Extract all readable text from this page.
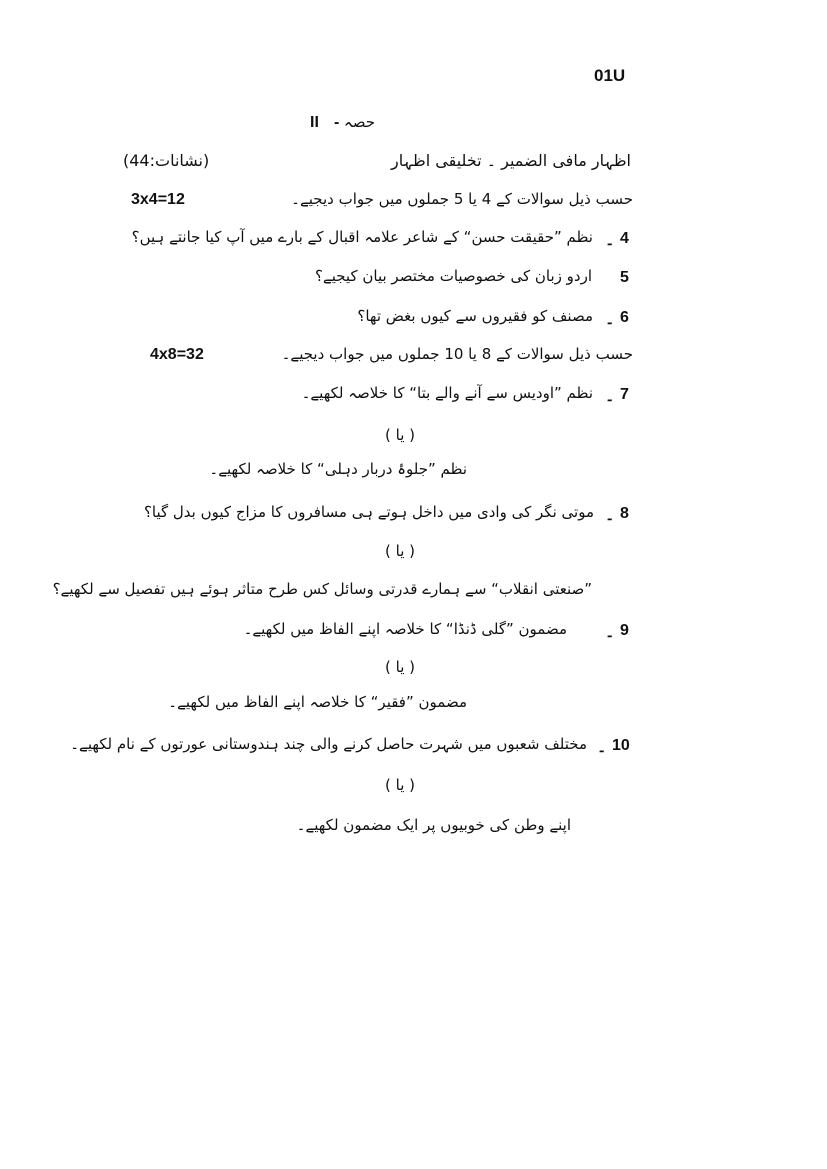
01U
II - حصہ
اظہار مافی الضمیر ۔ تخلیقی اظہار
(نشانات:44)
حسب ذیل سوالات کے 4 یا 5 جملوں میں جواب دیجیے۔
3x4=12
4
۔
نظم ”حقیقت حسن“ کے شاعر علامہ اقبال کے بارے میں آپ کیا جانتے ہیں؟
5
اردو زبان کی خصوصیات مختصر بیان کیجیے؟
6
۔
مصنف کو فقیروں سے کیوں بغض تھا؟
حسب ذیل سوالات کے 8 یا 10 جملوں میں جواب دیجیے۔
4x8=32
7
۔
نظم ”اودیس سے آنے والے بتا“ کا خلاصہ لکھیے۔
( یا )
نظم ”جلوۂ دربار دہلی“ کا خلاصہ لکھیے۔
8
۔
موتی نگر کی وادی میں داخل ہوتے ہی مسافروں کا مزاج کیوں بدل گیا؟
( یا )
”صنعتی انقلاب“ سے ہمارے قدرتی وسائل کس طرح متاثر ہوئے ہیں تفصیل سے لکھیے؟
9
۔
مضمون ”گلی ڈنڈا“ کا خلاصہ اپنے الفاظ میں لکھیے۔
( یا )
مضمون ”فقیر“ کا خلاصہ اپنے الفاظ میں لکھیے۔
10
۔
مختلف شعبوں میں شہرت حاصل کرنے والی چند ہندوستانی عورتوں کے نام لکھیے۔
( یا )
اپنے وطن کی خوبیوں پر ایک مضمون لکھیے۔
